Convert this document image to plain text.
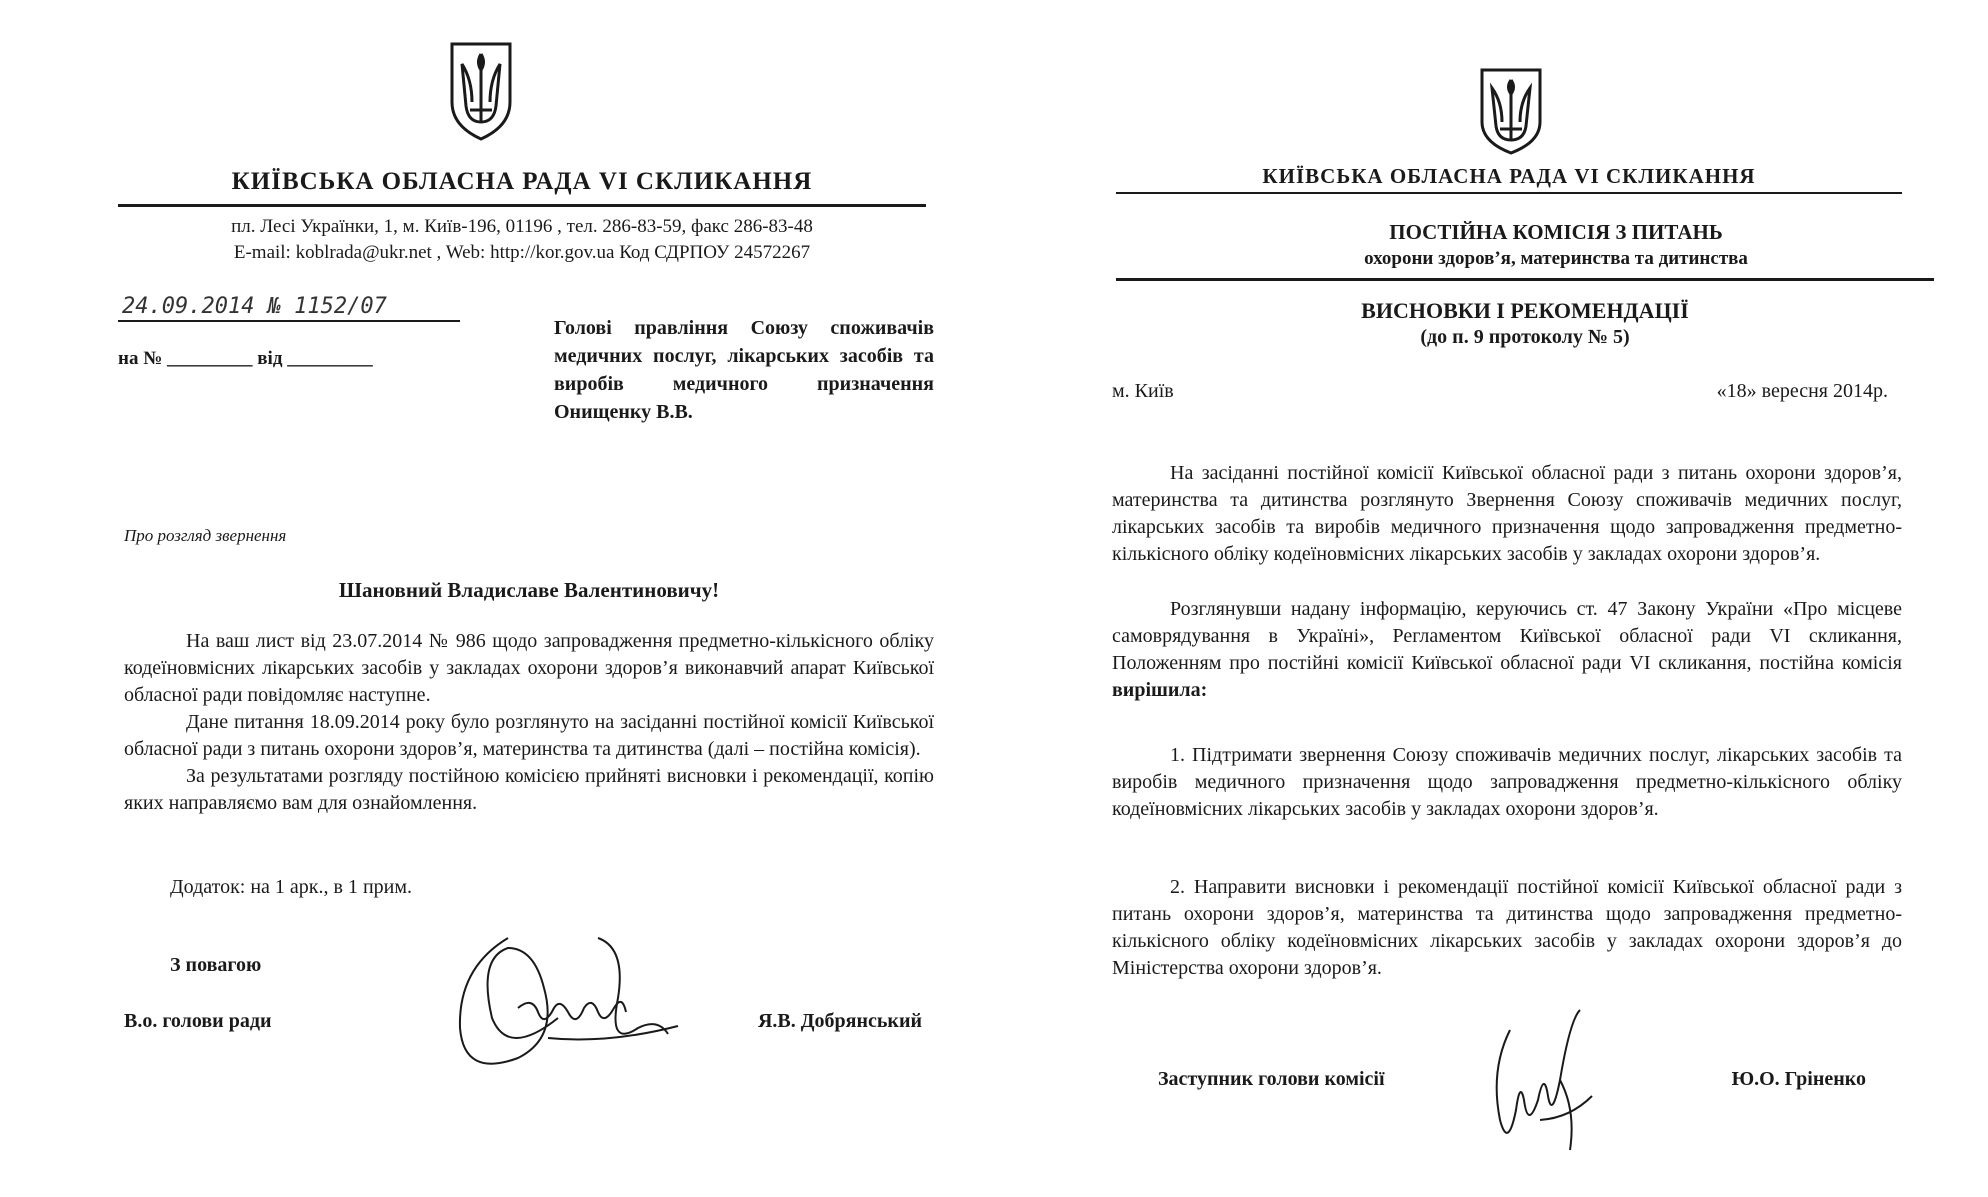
КИЇВСЬКА ОБЛАСНА РАДА VI СКЛИКАННЯ
пл. Лесі Українки, 1, м. Київ-196, 01196 , тел. 286-83-59, факс 286-83-48
E-mail: koblrada@ukr.net , Web: http://kor.gov.ua Код СДРПОУ 24572267
24.09.2014 № 1152/07
на № _________ від _________
Голові правління Союзу споживачів медичних послуг, лікарських засобів та виробів медичного призначення Онищенку В.В.
Про розгляд звернення
Шановний Владиславе Валентиновичу!

На ваш лист від 23.07.2014 № 986 щодо запровадження предметно-кількісного обліку кодеїновмісних лікарських засобів у закладах охорони здоров’я виконавчий апарат Київської обласної ради повідомляє наступне.

Дане питання 18.09.2014 року було розглянуто на засіданні постійної комісії Київської обласної ради з питань охорони здоров’я, материнства та дитинства (далі – постійна комісія).

За результатами розгляду постійною комісією прийняті висновки і рекомендації, копію яких направляємо вам для ознайомлення.

Додаток: на 1 арк., в 1 прим.
З повагою
В.о. голови ради	Я.В. Добрянський
КИЇВСЬКА ОБЛАСНА РАДА VI СКЛИКАННЯ
ПОСТІЙНА КОМІСІЯ З ПИТАНЬ
охорони здоров’я, материнства та дитинства
ВИСНОВКИ І РЕКОМЕНДАЦІЇ
(до п. 9 протоколу № 5)
м. Київ	«18» вересня 2014р.
На засіданні постійної комісії Київської обласної ради з питань охорони здоров’я, материнства та дитинства розглянуто Звернення Союзу споживачів медичних послуг, лікарських засобів та виробів медичного призначення щодо запровадження предметно-кількісного обліку кодеїновмісних лікарських засобів у закладах охорони здоров’я.
Розглянувши надану інформацію, керуючись ст. 47 Закону України «Про місцеве самоврядування в Україні», Регламентом Київської обласної ради VI скликання, Положенням про постійні комісії Київської обласної ради VI скликання, постійна комісія вирішила:
1. Підтримати звернення Союзу споживачів медичних послуг, лікарських засобів та виробів медичного призначення щодо запровадження предметно-кількісного обліку кодеїновмісних лікарських засобів у закладах охорони здоров’я.
2. Направити висновки і рекомендації постійної комісії Київської обласної ради з питань охорони здоров’я, материнства та дитинства щодо запровадження предметно-кількісного обліку кодеїновмісних лікарських засобів у закладах охорони здоров’я до Міністерства охорони здоров’я.
Заступник голови комісії	Ю.О. Гріненко
